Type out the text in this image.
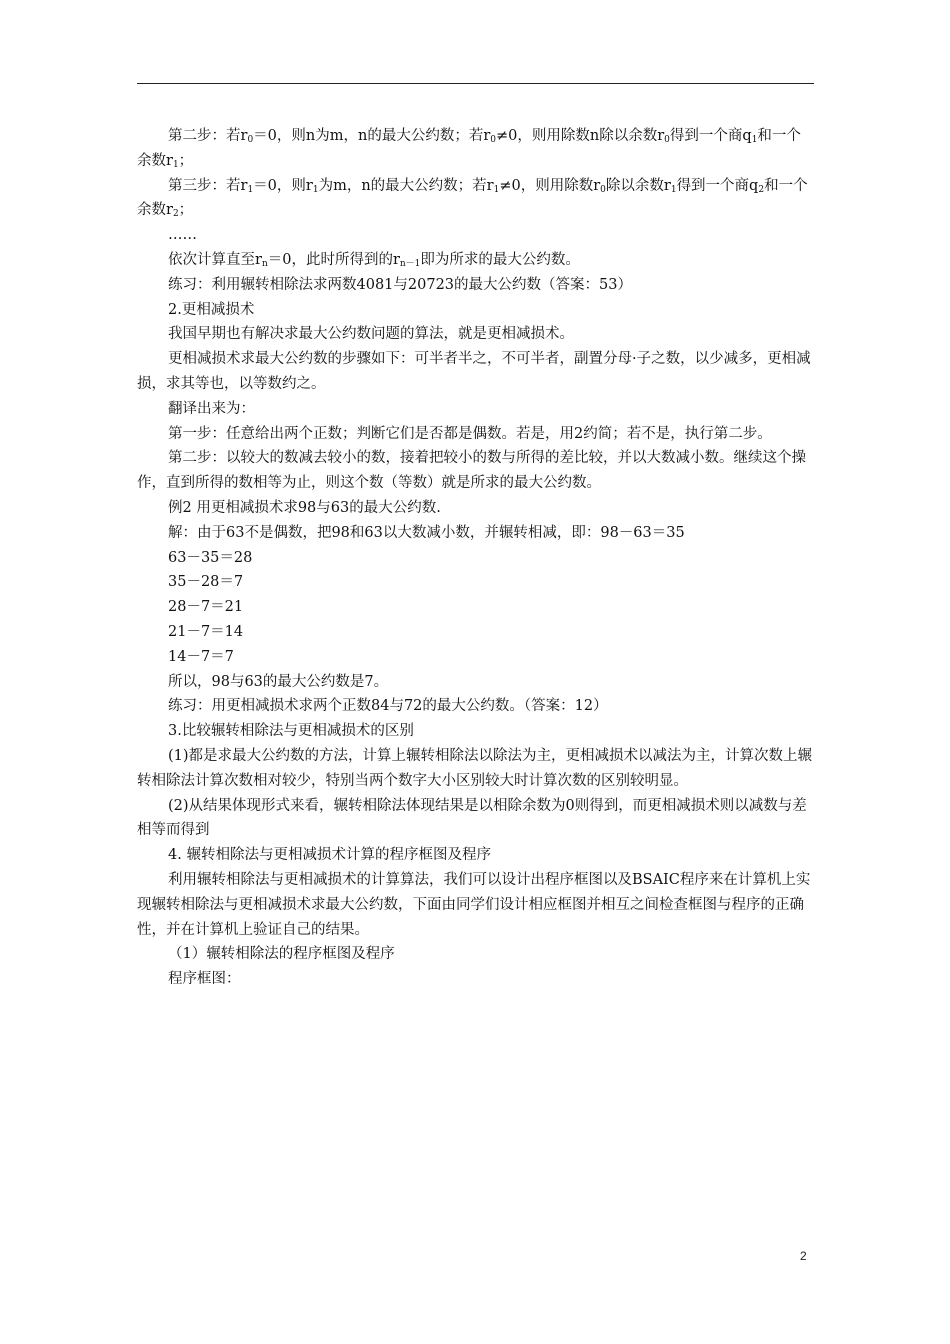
第二步：若$r_0=0$，则n为m，n的最大公约数；若$r_0\ne 0$，则用除数n除以余数$r_0$得到一个商$q_1$和一个余数$r_1$；

第三步：若$r_1=0$，则$r_1$为m，n的最大公约数；若$r_1\ne 0$，则用除数$r_0$除以余数$r_1$得到一个商$q_2$和一个余数$r_2$；

……

依次计算直至$r_n=0$，此时所得到的$r_{n-1}$即为所求的最大公约数。

练习：利用辗转相除法求两数4081与20723的最大公约数（答案：53）

2.更相减损术

我国早期也有解决求最大公约数问题的算法，就是更相减损术。

更相减损术求最大公约数的步骤如下：可半者半之，不可半者，副置分母·子之数，以少减多，更相减损，求其等也，以等数约之。

翻译出来为：

第一步：任意给出两个正数；判断它们是否都是偶数。若是，用2约简；若不是，执行第二步。

第二步：以较大的数减去较小的数，接着把较小的数与所得的差比较，并以大数减小数。继续这个操作，直到所得的数相等为止，则这个数（等数）就是所求的最大公约数。

例2 用更相减损术求98与63的最大公约数.

解：由于63不是偶数，把98和63以大数减小数，并辗转相减，即：98－63＝35

63－35＝28

35－28＝7

28－7＝21

21－7＝14

14－7＝7

所以，98与63的最大公约数是7。

练习：用更相减损术求两个正数84与72的最大公约数。（答案：12）

3.比较辗转相除法与更相减损术的区别

(1)都是求最大公约数的方法，计算上辗转相除法以除法为主，更相减损术以减法为主，计算次数上辗转相除法计算次数相对较少，特别当两个数字大小区别较大时计算次数的区别较明显。

(2)从结果体现形式来看，辗转相除法体现结果是以相除余数为0则得到，而更相减损术则以减数与差相等而得到

4. 辗转相除法与更相减损术计算的程序框图及程序

利用辗转相除法与更相减损术的计算算法，我们可以设计出程序框图以及BSAIC程序来在计算机上实现辗转相除法与更相减损术求最大公约数，下面由同学们设计相应框图并相互之间检查框图与程序的正确性，并在计算机上验证自己的结果。

（1）辗转相除法的程序框图及程序

程序框图：

2
